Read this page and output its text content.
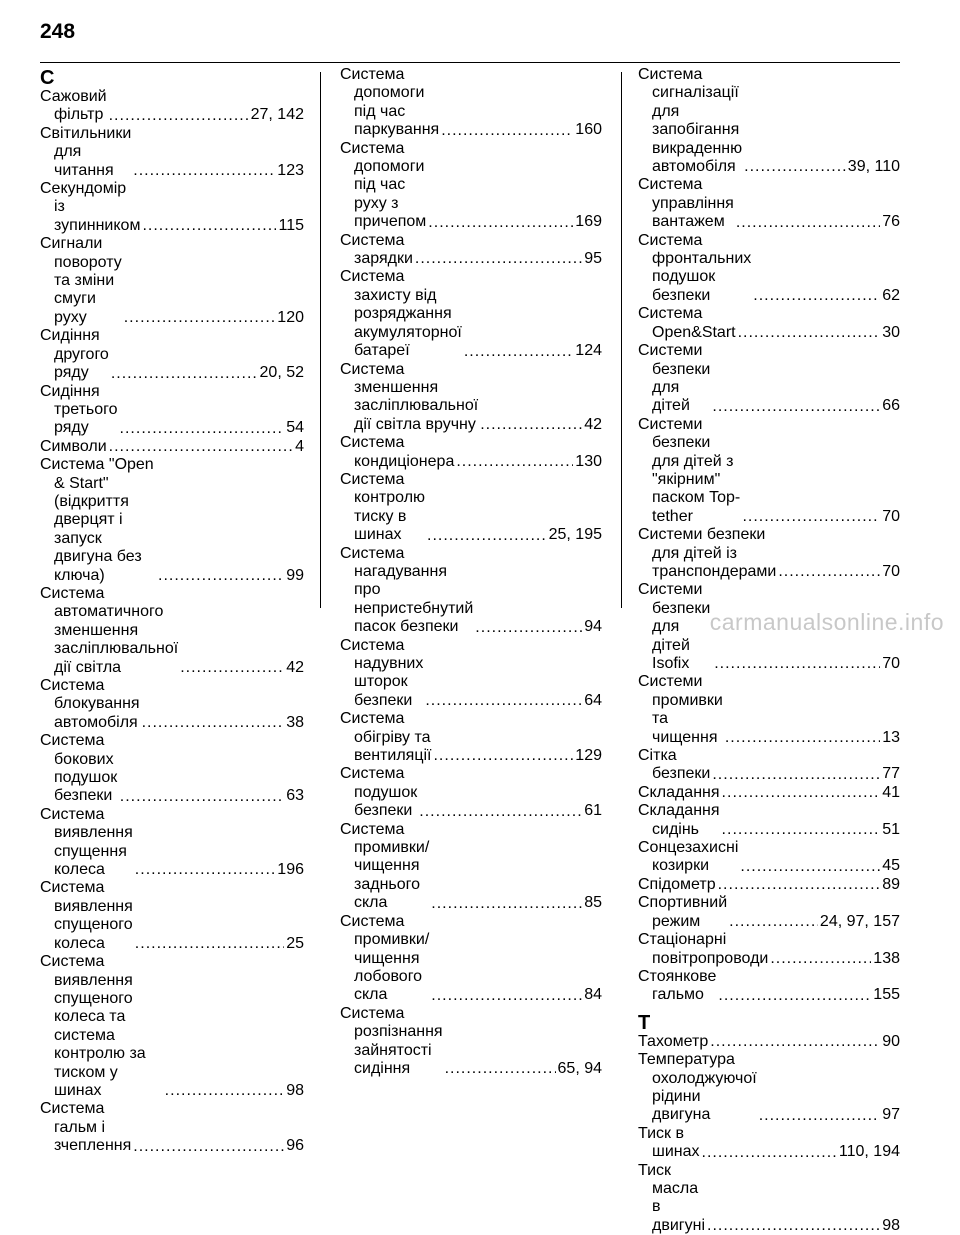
248
С
Сажовий фільтр .....	27, 142
Світильники для читання .....	123
Секундомір із зупинником .....	115
Сигнали повороту та зміни смуги руху .....	120
Сидіння другого ряду .....	20, 52
Сидіння третього ряду .....	54
Символи .....	4
Система "Open & Start" (відкриття дверцят і запуск двигуна без ключа) .....	99
Система автоматичного зменшення засліплювальної дії світла .....	42
Система блокування автомобіля .....	38
Система бокових подушок безпеки .....	63
Система виявлення спущення колеса .....	196
Система виявлення спущеного колеса .....	25
Система виявлення спущеного колеса та система контролю за тиском у шинах .....	98
Система гальм і зчеплення .....	96
Система допомоги під час паркування .....	160
Система допомоги під час руху з причепом .....	169
Система зарядки .....	95
Система захисту від розряджання акумуляторної батареї .....	124
Система зменшення засліплювальної дії світла вручну .....	42
Система кондиціонера .....	130
Система контролю тиску в шинах .....	25, 195
Система нагадування про непристебнутий пасок безпеки .....	94
Система надувних шторок безпеки .....	64
Система обігріву та вентиляції .....	129
Система подушок безпеки .....	61
Система промивки/чищення заднього скла .....	85
Система промивки/чищення лобового скла .....	84
Система розпізнання зайнятості сидіння .....	65, 94
Система сигналізації для запобігання викраденню автомобіля .....	39, 110
Система управління вантажем .....	76
Система фронтальних подушок безпеки .....	62
Система Open&Start .....	30
Системи безпеки для дітей .....	66
Системи безпеки для дітей з "якірним" паском Top-tether .....	70
Системи безпеки для дітей із транспондерами .....	70
Системи безпеки для дітей Isofix .....	70
Системи промивки та чищення .....	13
Сітка безпеки .....	77
Складання .....	41
Складання сидінь .....	51
Сонцезахисні козирки .....	45
Спідометр .....	89
Спортивний режим .....	24, 97, 157
Стаціонарні повітропроводи .....	138
Стоянкове гальмо .....	155
Т
Тахометр .....	90
Температура охолоджуючої рідини двигуна .....	97
Тиск в шинах .....	110, 194
Тиск масла в двигуні .....	98
carmanualsonline.info
